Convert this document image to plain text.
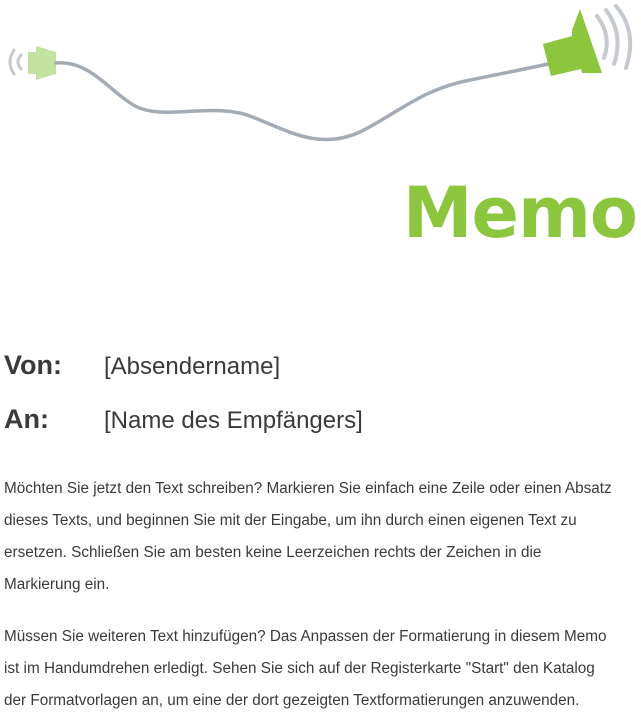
Memo
Von:	[Absendername]
An:	[Name des Empfängers]

Möchten Sie jetzt den Text schreiben? Markieren Sie einfach eine Zeile oder einen Absatz
dieses Texts, und beginnen Sie mit der Eingabe, um ihn durch einen eigenen Text zu
ersetzen. Schließen Sie am besten keine Leerzeichen rechts der Zeichen in die
Markierung ein.

Müssen Sie weiteren Text hinzufügen? Das Anpassen der Formatierung in diesem Memo
ist im Handumdrehen erledigt. Sehen Sie sich auf der Registerkarte "Start" den Katalog
der Formatvorlagen an, um eine der dort gezeigten Textformatierungen anzuwenden.
